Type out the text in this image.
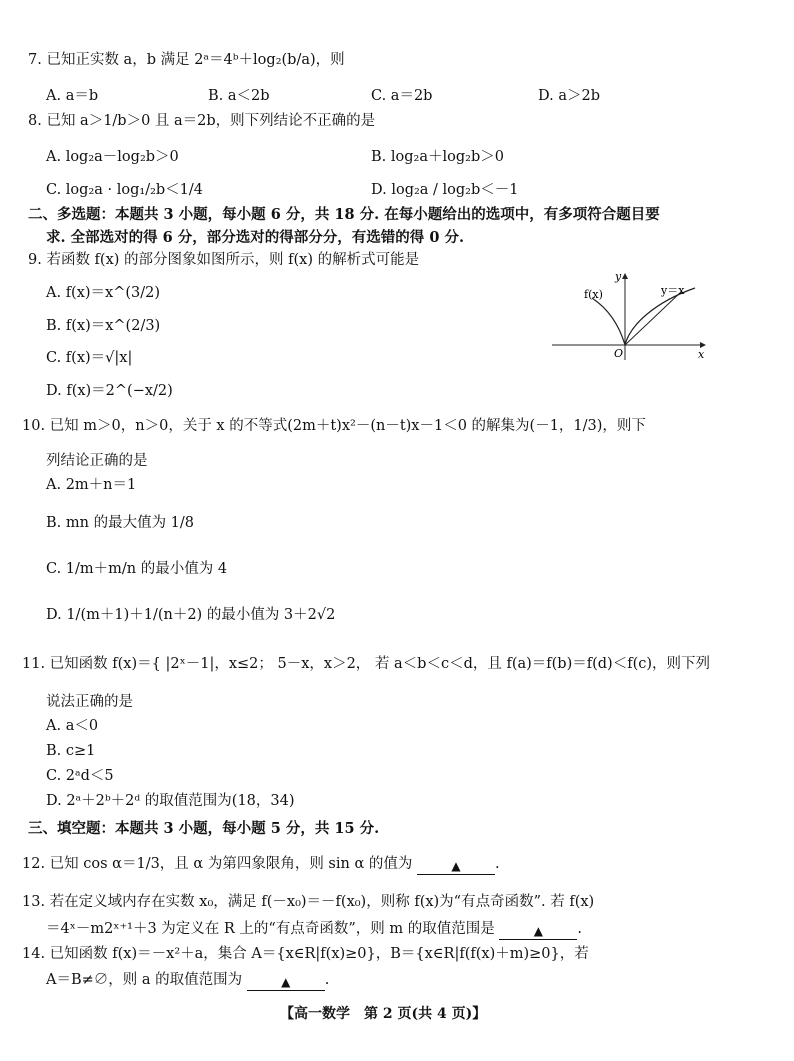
7. 已知正实数 a，b 满足 2ᵃ＝4ᵇ＋log₂(b/a)，则
A. a＝b	B. a＜2b	C. a＝2b	D. a＞2b
8. 已知 a＞1/b＞0 且 a＝2b，则下列结论不正确的是
A. log₂a－log₂b＞0	B. log₂a＋log₂b＞0
C. log₂a · log₁/₂b＜1/4	D. log₂a / log₂b＜－1
二、多选题：本题共 3 小题，每小题 6 分，共 18 分. 在每小题给出的选项中，有多项符合题目要
求. 全部选对的得 6 分，部分选对的得部分分，有选错的得 0 分.
9. 若函数 f(x) 的部分图象如图所示，则 f(x) 的解析式可能是
A. f(x)＝x^(3/2)
B. f(x)＝x^(2/3)
C. f(x)＝√|x|
D. f(x)＝2^(−x/2)
f(x)	y＝x
y
x
O
10. 已知 m＞0，n＞0，关于 x 的不等式(2m＋t)x²－(n－t)x－1＜0 的解集为(－1，1/3)，则下
列结论正确的是
A. 2m＋n＝1
B. mn 的最大值为 1/8
C. 1/m＋m/n 的最小值为 4
D. 1/(m＋1)＋1/(n＋2) 的最小值为 3＋2√2
11. 已知函数 f(x)＝{ |2ˣ－1|，x≤2； 5－x，x＞2， 若 a＜b＜c＜d，且 f(a)＝f(b)＝f(d)＜f(c)，则下列
说法正确的是
A. a＜0
B. c≥1
C. 2ᵃd＜5
D. 2ᵃ＋2ᵇ＋2ᵈ 的取值范围为(18，34)
三、填空题：本题共 3 小题，每小题 5 分，共 15 分.
12. 已知 cos α＝1/3，且 α 为第四象限角，则 sin α 的值为	▲ .
13. 若在定义域内存在实数 x₀，满足 f(－x₀)＝－f(x₀)，则称 f(x)为“有点奇函数”. 若 f(x)
＝4ˣ－m2ˣ⁺¹＋3 为定义在 R 上的“有点奇函数”，则 m 的取值范围是	▲ .
14. 已知函数 f(x)＝－x²＋a，集合 A＝{x∈R|f(x)≥0}，B＝{x∈R|f(f(x)＋m)≥0}，若
A＝B≠∅，则 a 的取值范围为	▲ .
【高一数学　第 2 页(共 4 页)】
